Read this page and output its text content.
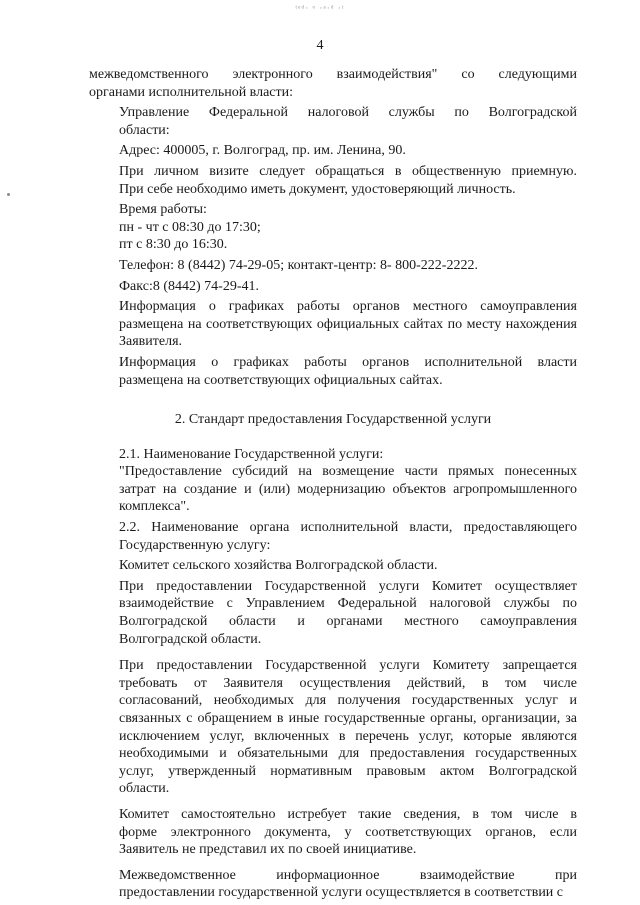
ᵗᵉᵈ· ᵒ ·ᵃ·ᵈ ·ᵗ
4

межведомственного электронного взаимодействия" со следующими
органами исполнительной власти:

Управление Федеральной налоговой службы по Волгоградской
области:

Адрес: 400005, г. Волгоград, пр. им. Ленина, 90.

При личном визите следует обращаться в общественную приемную.
При себе необходимо иметь документ, удостоверяющий личность.

Время работы:

пн - чт с 08:30 до 17:30;

пт с 8:30 до 16:30.

Телефон: 8 (8442) 74-29-05; контакт-центр: 8- 800-222-2222.

Факс:8 (8442) 74-29-41.

Информация о графиках работы органов местного самоуправления
размещена на соответствующих официальных сайтах по месту нахождения
Заявителя.

Информация о графиках работы органов исполнительной власти
размещена на соответствующих официальных сайтах.

2. Стандарт предоставления Государственной услуги

2.1. Наименование Государственной услуги:

"Предоставление субсидий на возмещение части прямых понесенных
затрат на создание и (или) модернизацию объектов агропромышленного
комплекса".

2.2. Наименование органа исполнительной власти, предоставляющего
Государственную услугу:

Комитет сельского хозяйства Волгоградской области.

При предоставлении Государственной услуги Комитет осуществляет
взаимодействие с Управлением Федеральной налоговой службы по
Волгоградской области и органами местного самоуправления
Волгоградской области.

При предоставлении Государственной услуги Комитету запрещается
требовать от Заявителя осуществления действий, в том числе
согласований, необходимых для получения государственных услуг и
связанных с обращением в иные государственные органы, организации, за
исключением услуг, включенных в перечень услуг, которые являются
необходимыми и обязательными для предоставления государственных
услуг, утвержденный нормативным правовым актом Волгоградской
области.

Комитет самостоятельно истребует такие сведения, в том числе в
форме электронного документа, у соответствующих органов, если
Заявитель не представил их по своей инициативе.

Межведомственное информационное взаимодействие при
предоставлении государственной услуги осуществляется в соответствии с
